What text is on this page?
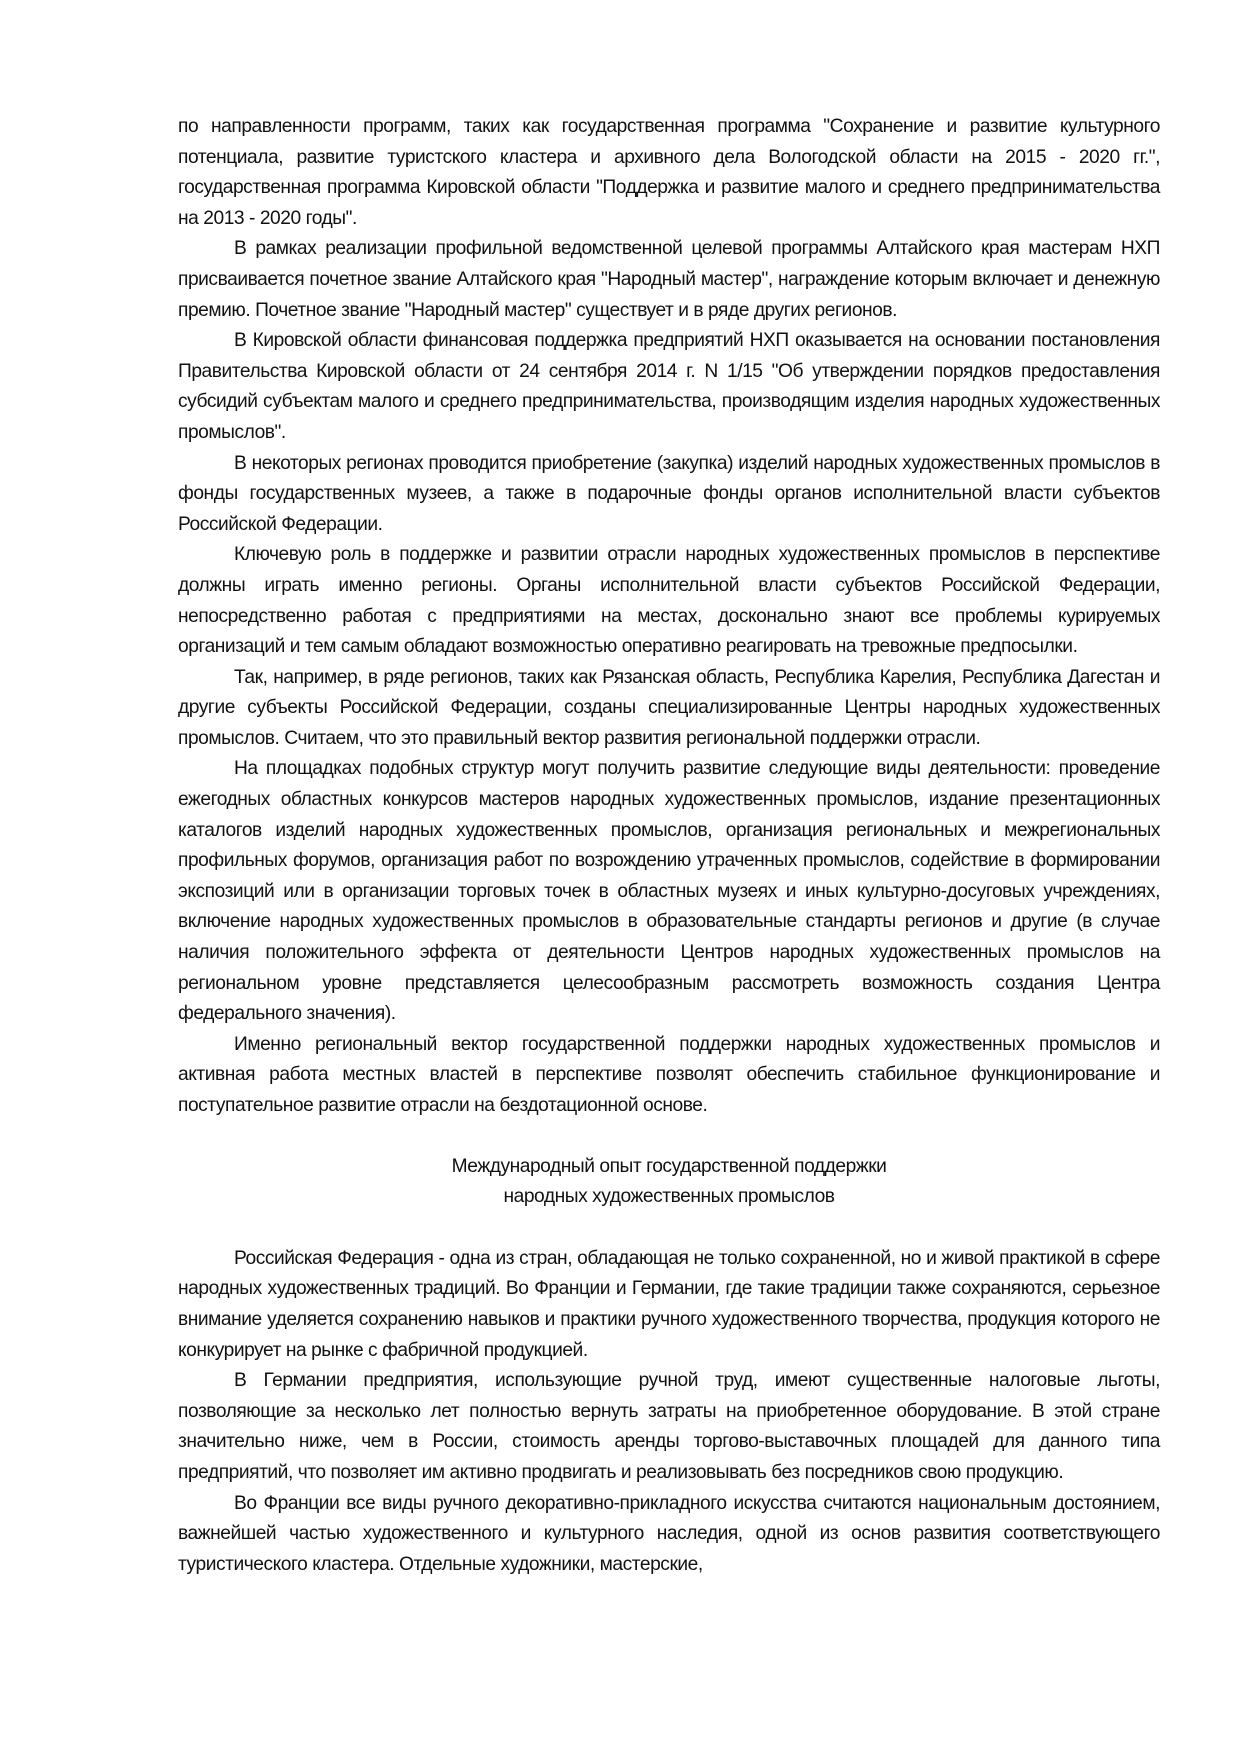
по направленности программ, таких как государственная программа "Сохранение и развитие культурного потенциала, развитие туристского кластера и архивного дела Вологодской области на 2015 - 2020 гг.", государственная программа Кировской области "Поддержка и развитие малого и среднего предпринимательства на 2013 - 2020 годы".

В рамках реализации профильной ведомственной целевой программы Алтайского края мастерам НХП присваивается почетное звание Алтайского края "Народный мастер", награждение которым включает и денежную премию. Почетное звание "Народный мастер" существует и в ряде других регионов.

В Кировской области финансовая поддержка предприятий НХП оказывается на основании постановления Правительства Кировской области от 24 сентября 2014 г. N 1/15 "Об утверждении порядков предоставления субсидий субъектам малого и среднего предпринимательства, производящим изделия народных художественных промыслов".

В некоторых регионах проводится приобретение (закупка) изделий народных художественных промыслов в фонды государственных музеев, а также в подарочные фонды органов исполнительной власти субъектов Российской Федерации.

Ключевую роль в поддержке и развитии отрасли народных художественных промыслов в перспективе должны играть именно регионы. Органы исполнительной власти субъектов Российской Федерации, непосредственно работая с предприятиями на местах, досконально знают все проблемы курируемых организаций и тем самым обладают возможностью оперативно реагировать на тревожные предпосылки.

Так, например, в ряде регионов, таких как Рязанская область, Республика Карелия, Республика Дагестан и другие субъекты Российской Федерации, созданы специализированные Центры народных художественных промыслов. Считаем, что это правильный вектор развития региональной поддержки отрасли.

На площадках подобных структур могут получить развитие следующие виды деятельности: проведение ежегодных областных конкурсов мастеров народных художественных промыслов, издание презентационных каталогов изделий народных художественных промыслов, организация региональных и межрегиональных профильных форумов, организация работ по возрождению утраченных промыслов, содействие в формировании экспозиций или в организации торговых точек в областных музеях и иных культурно-досуговых учреждениях, включение народных художественных промыслов в образовательные стандарты регионов и другие (в случае наличия положительного эффекта от деятельности Центров народных художественных промыслов на региональном уровне представляется целесообразным рассмотреть возможность создания Центра федерального значения).

Именно региональный вектор государственной поддержки народных художественных промыслов и активная работа местных властей в перспективе позволят обеспечить стабильное функционирование и поступательное развитие отрасли на бездотационной основе.

Международный опыт государственной поддержки
народных художественных промыслов

Российская Федерация - одна из стран, обладающая не только сохраненной, но и живой практикой в сфере народных художественных традиций. Во Франции и Германии, где такие традиции также сохраняются, серьезное внимание уделяется сохранению навыков и практики ручного художественного творчества, продукция которого не конкурирует на рынке с фабричной продукцией.

В Германии предприятия, использующие ручной труд, имеют существенные налоговые льготы, позволяющие за несколько лет полностью вернуть затраты на приобретенное оборудование. В этой стране значительно ниже, чем в России, стоимость аренды торгово-выставочных площадей для данного типа предприятий, что позволяет им активно продвигать и реализовывать без посредников свою продукцию.

Во Франции все виды ручного декоративно-прикладного искусства считаются национальным достоянием, важнейшей частью художественного и культурного наследия, одной из основ развития соответствующего туристического кластера. Отдельные художники, мастерские,
